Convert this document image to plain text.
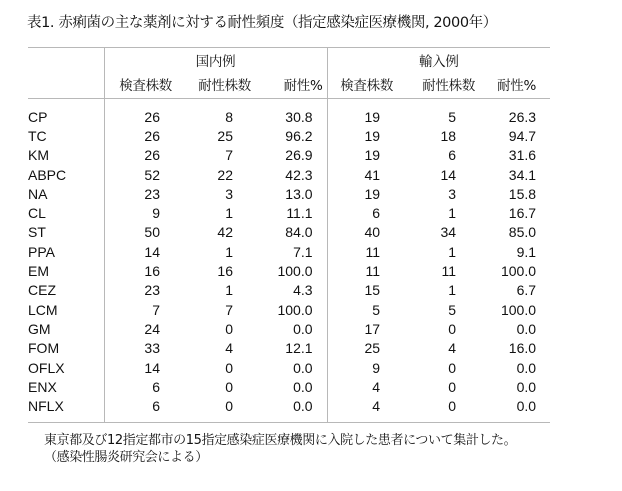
表1. 赤痢菌の主な薬剤に対する耐性頻度（指定感染症医療機関, 2000年）
	国内例			輸入例		
	検査株数	耐性株数	耐性%	検査株数	耐性株数	耐性%

CP	26	8	30.8	19	5	26.3
TC	26	25	96.2	19	18	94.7
KM	26	7	26.9	19	6	31.6
ABPC	52	22	42.3	41	14	34.1
NA	23	3	13.0	19	3	15.8
CL	9	1	11.1	6	1	16.7
ST	50	42	84.0	40	34	85.0
PPA	14	1	7.1	11	1	9.1
EM	16	16	100.0	11	11	100.0
CEZ	23	1	4.3	15	1	6.7
LCM	7	7	100.0	5	5	100.0
GM	24	0	0.0	17	0	0.0
FOM	33	4	12.1	25	4	16.0
OFLX	14	0	0.0	9	0	0.0
ENX	6	0	0.0	4	0	0.0
NFLX	6	0	0.0	4	0	0.0

東京都及び12指定都市の15指定感染症医療機関に入院した患者について集計した。
（感染性腸炎研究会による）
